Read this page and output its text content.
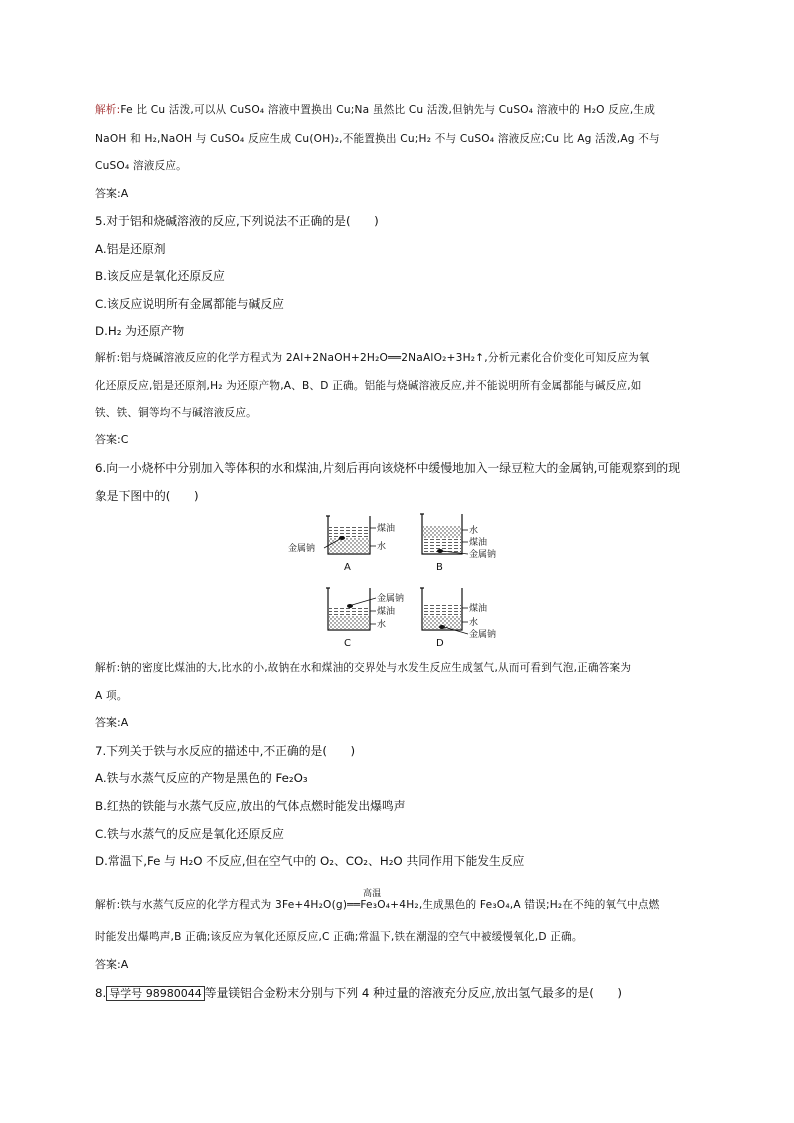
解析:Fe 比 Cu 活泼,可以从 CuSO₄ 溶液中置换出 Cu;Na 虽然比 Cu 活泼,但钠先与 CuSO₄ 溶液中的 H₂O 反应,生成
NaOH 和 H₂,NaOH 与 CuSO₄ 反应生成 Cu(OH)₂,不能置换出 Cu;H₂ 不与 CuSO₄ 溶液反应;Cu 比 Ag 活泼,Ag 不与
CuSO₄ 溶液反应。
答案:A
5.对于铝和烧碱溶液的反应,下列说法不正确的是(　　)
A.铝是还原剂
B.该反应是氧化还原反应
C.该反应说明所有金属都能与碱反应
D.H₂ 为还原产物
解析:铝与烧碱溶液反应的化学方程式为 2Al+2NaOH+2H₂O══2NaAlO₂+3H₂↑,分析元素化合价变化可知反应为氧
化还原反应,铝是还原剂,H₂ 为还原产物,A、B、D 正确。铝能与烧碱溶液反应,并不能说明所有金属都能与碱反应,如
铁、铁、铜等均不与碱溶液反应。
答案:C
6.向一小烧杯中分别加入等体积的水和煤油,片刻后再向该烧杯中缓慢地加入一绿豆粒大的金属钠,可能观察到的现
象是下图中的(　　)
煤油
金属钠	水
A
水
煤油
金属钠
B
金属钠
煤油
水
C
煤油
水
金属钠
D
解析:钠的密度比煤油的大,比水的小,故钠在水和煤油的交界处与水发生反应生成氢气,从而可看到气泡,正确答案为
A 项。
答案:A
7.下列关于铁与水反应的描述中,不正确的是(　　)
A.铁与水蒸气反应的产物是黑色的 Fe₂O₃
B.红热的铁能与水蒸气反应,放出的气体点燃时能发出爆鸣声
C.铁与水蒸气的反应是氧化还原反应
D.常温下,Fe 与 H₂O 不反应,但在空气中的 O₂、CO₂、H₂O 共同作用下能发生反应
高温
解析:铁与水蒸气反应的化学方程式为 3Fe+4H₂O(g)══Fe₃O₄+4H₂,生成黑色的 Fe₃O₄,A 错误;H₂在不纯的氧气中点燃
时能发出爆鸣声,B 正确;该反应为氧化还原反应,C 正确;常温下,铁在潮湿的空气中被缓慢氧化,D 正确。
答案:A
8. 导学号 98980044 等量镁铝合金粉末分别与下列 4 种过量的溶液充分反应,放出氢气最多的是(　　)
